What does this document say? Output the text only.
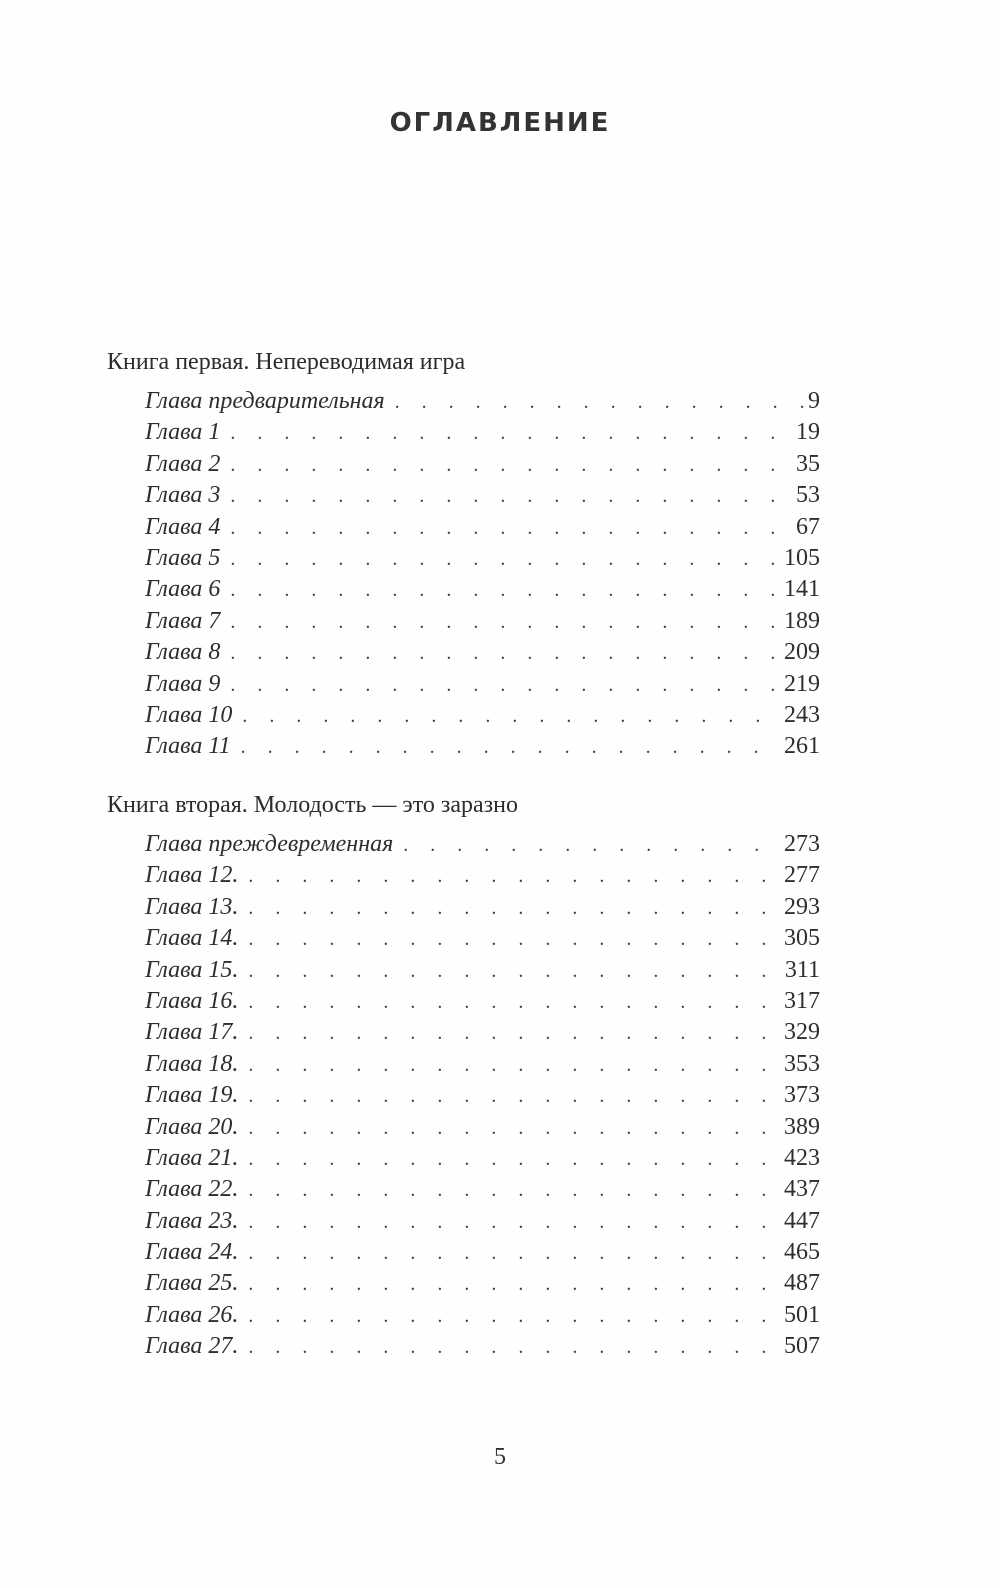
ОГЛАВЛЕНИЕ
Книга первая. Непереводимая игра
Глава предварительная . . .	9
Глава 1 . . .	19
Глава 2 . . .	35
Глава 3 . . .	53
Глава 4 . . .	67
Глава 5 . . .	105
Глава 6 . . .	141
Глава 7 . . .	189
Глава 8 . . .	209
Глава 9 . . .	219
Глава 10 . . .	243
Глава 11 . . .	261
Книга вторая. Молодость — это заразно
Глава преждевременная . . .	273
Глава 12. . . .	277
Глава 13. . . .	293
Глава 14. . . .	305
Глава 15. . . .	311
Глава 16. . . .	317
Глава 17. . . .	329
Глава 18. . . .	353
Глава 19. . . .	373
Глава 20. . . .	389
Глава 21. . . .	423
Глава 22. . . .	437
Глава 23. . . .	447
Глава 24. . . .	465
Глава 25. . . .	487
Глава 26. . . .	501
Глава 27. . . .	507
5
